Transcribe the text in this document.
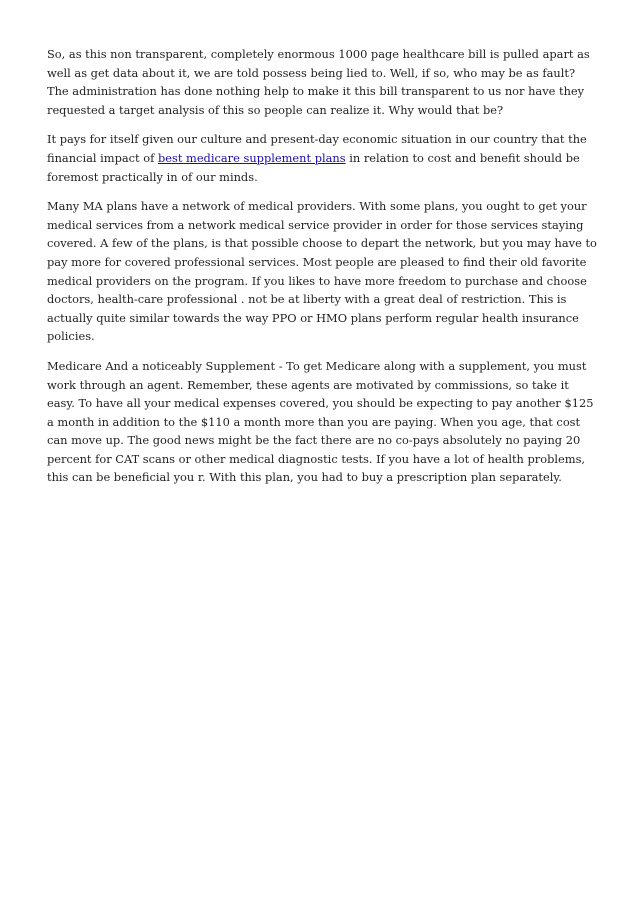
So, as this non transparent, completely enormous 1000 page healthcare bill is pulled apart as well as get data about it, we are told possess being lied to. Well, if so, who may be as fault? The administration has done nothing help to make it this bill transparent to us nor have they requested a target analysis of this so people can realize it. Why would that be?

It pays for itself given our culture and present-day economic situation in our country that the financial impact of best medicare supplement plans in relation to cost and benefit should be foremost practically in of our minds.

Many MA plans have a network of medical providers. With some plans, you ought to get your medical services from a network medical service provider in order for those services staying covered. A few of the plans, is that possible choose to depart the network, but you may have to pay more for covered professional services. Most people are pleased to find their old favorite medical providers on the program. If you likes to have more freedom to purchase and choose doctors, health-care professional . not be at liberty with a great deal of restriction. This is actually quite similar towards the way PPO or HMO plans perform regular health insurance policies.

Medicare And a noticeably Supplement - To get Medicare along with a supplement, you must work through an agent. Remember, these agents are motivated by commissions, so take it easy. To have all your medical expenses covered, you should be expecting to pay another $125 a month in addition to the $110 a month more than you are paying. When you age, that cost can move up. The good news might be the fact there are no co-pays absolutely no paying 20 percent for CAT scans or other medical diagnostic tests. If you have a lot of health problems, this can be beneficial you r. With this plan, you had to buy a prescription plan separately.
